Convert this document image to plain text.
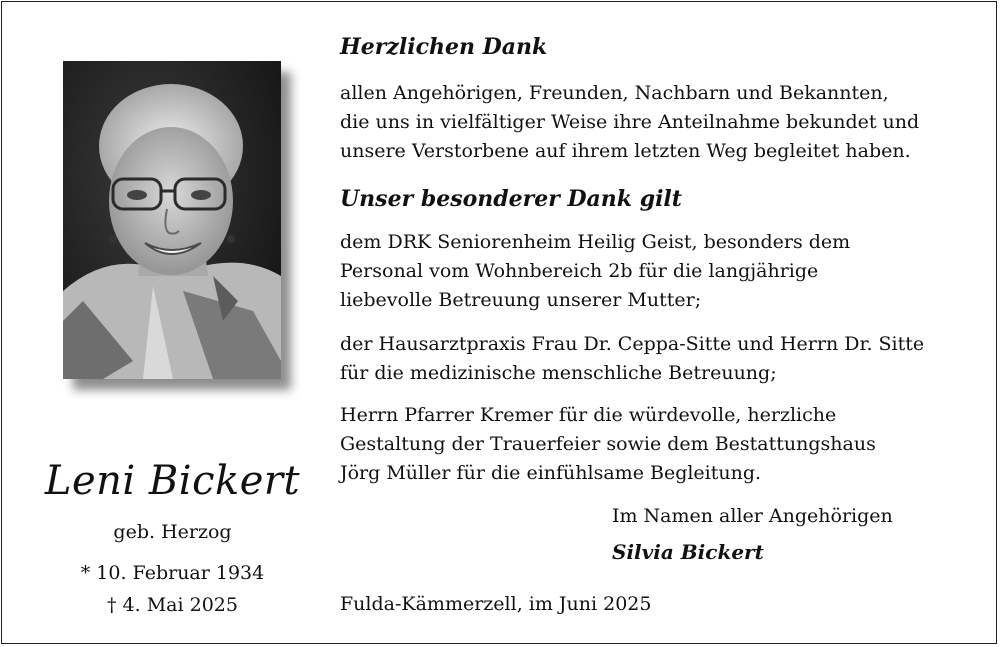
Leni Bickert
geb. Herzog
* 10. Februar 1934
† 4. Mai 2025
Herzlichen Dank
allen Angehörigen, Freunden, Nachbarn und Bekannten,
die uns in vielfältiger Weise ihre Anteilnahme bekundet und
unsere Verstorbene auf ihrem letzten Weg begleitet haben.
Unser besonderer Dank gilt
dem DRK Seniorenheim Heilig Geist, besonders dem
Personal vom Wohnbereich 2b für die langjährige
liebevolle Betreuung unserer Mutter;
der Hausarztpraxis Frau Dr. Ceppa-Sitte und Herrn Dr. Sitte
für die medizinische menschliche Betreuung;
Herrn Pfarrer Kremer für die würdevolle, herzliche
Gestaltung der Trauerfeier sowie dem Bestattungshaus
Jörg Müller für die einfühlsame Begleitung.
Im Namen aller Angehörigen
Silvia Bickert
Fulda-Kämmerzell, im Juni 2025
